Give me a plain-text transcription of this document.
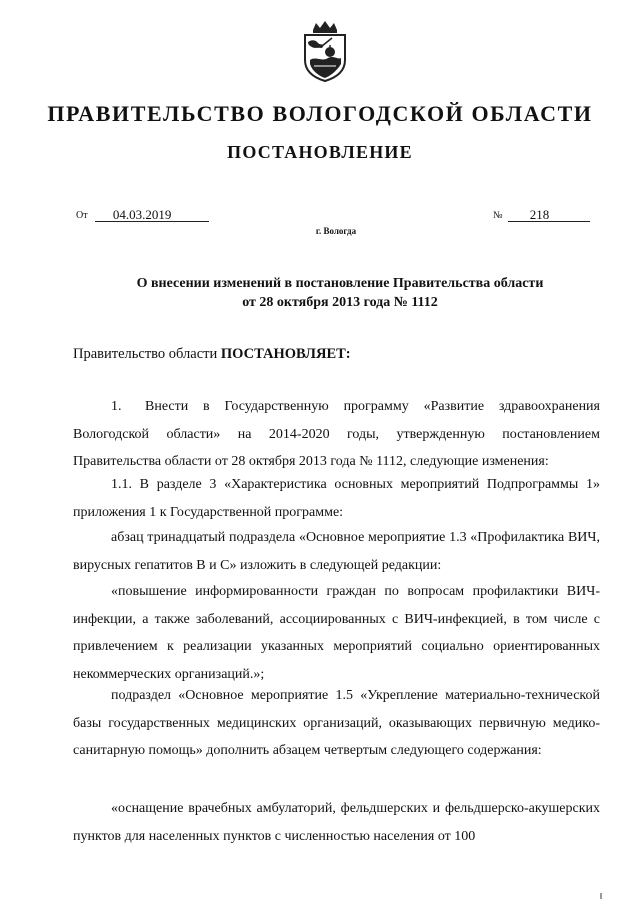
ПРАВИТЕЛЬСТВО ВОЛОГОДСКОЙ ОБЛАСТИ
ПОСТАНОВЛЕНИЕ
От 04.03.2019	№ 218
г. Вологда
О внесении изменений в постановление Правительства области
от 28 октября 2013 года № 1112
Правительство области ПОСТАНОВЛЯЕТ:
1. Внести в Государственную программу «Развитие здравоохранения Вологодской области» на 2014-2020 годы, утвержденную постановлением Правительства области от 28 октября 2013 года № 1112, следующие изменения:
1.1. В разделе 3 «Характеристика основных мероприятий Подпрограммы 1» приложения 1 к Государственной программе:
абзац тринадцатый подраздела «Основное мероприятие 1.3 «Профилактика ВИЧ, вирусных гепатитов В и С» изложить в следующей редакции:
«повышение информированности граждан по вопросам профилактики ВИЧ-инфекции, а также заболеваний, ассоциированных с ВИЧ-инфекцией, в том числе с привлечением к реализации указанных мероприятий социально ориентированных некоммерческих организаций.»;
подраздел «Основное мероприятие 1.5 «Укрепление материально-технической базы государственных медицинских организаций, оказывающих первичную медико-санитарную помощь» дополнить абзацем четвертым следующего содержания:
«оснащение врачебных амбулаторий, фельдшерских и фельдшерско-акушерских пунктов для населенных пунктов с численностью населения от 100
